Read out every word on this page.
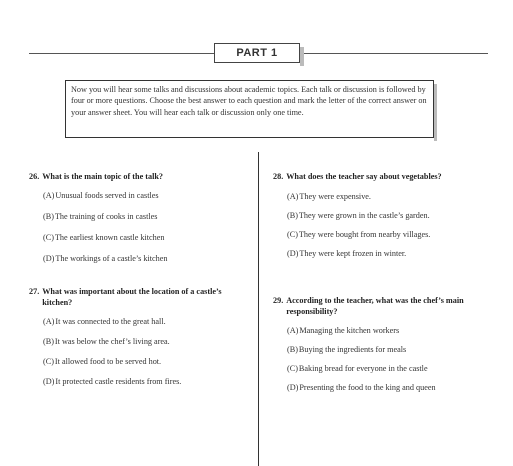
PART 1
Now you will hear some talks and discussions about academic topics. Each talk or discussion is followed by four or more questions. Choose the best answer to each question and mark the letter of the correct answer on your answer sheet. You will hear each talk or discussion only one time.
26. What is the main topic of the talk?
(A)Unusual foods served in castles
(B)The training of cooks in castles
(C)The earliest known castle kitchen
(D)The workings of a castle’s kitchen
27. What was important about the location of a castle’s kitchen?
(A)It was connected to the great hall.
(B)It was below the chef’s living area.
(C)It allowed food to be served hot.
(D)It protected castle residents from fires.
28. What does the teacher say about vegetables?
(A)They were expensive.
(B)They were grown in the castle’s garden.
(C)They were bought from nearby villages.
(D)They were kept frozen in winter.
29. According to the teacher, what was the chef’s main responsibility?
(A)Managing the kitchen workers
(B)Buying the ingredients for meals
(C)Baking bread for everyone in the castle
(D)Presenting the food to the king and queen
